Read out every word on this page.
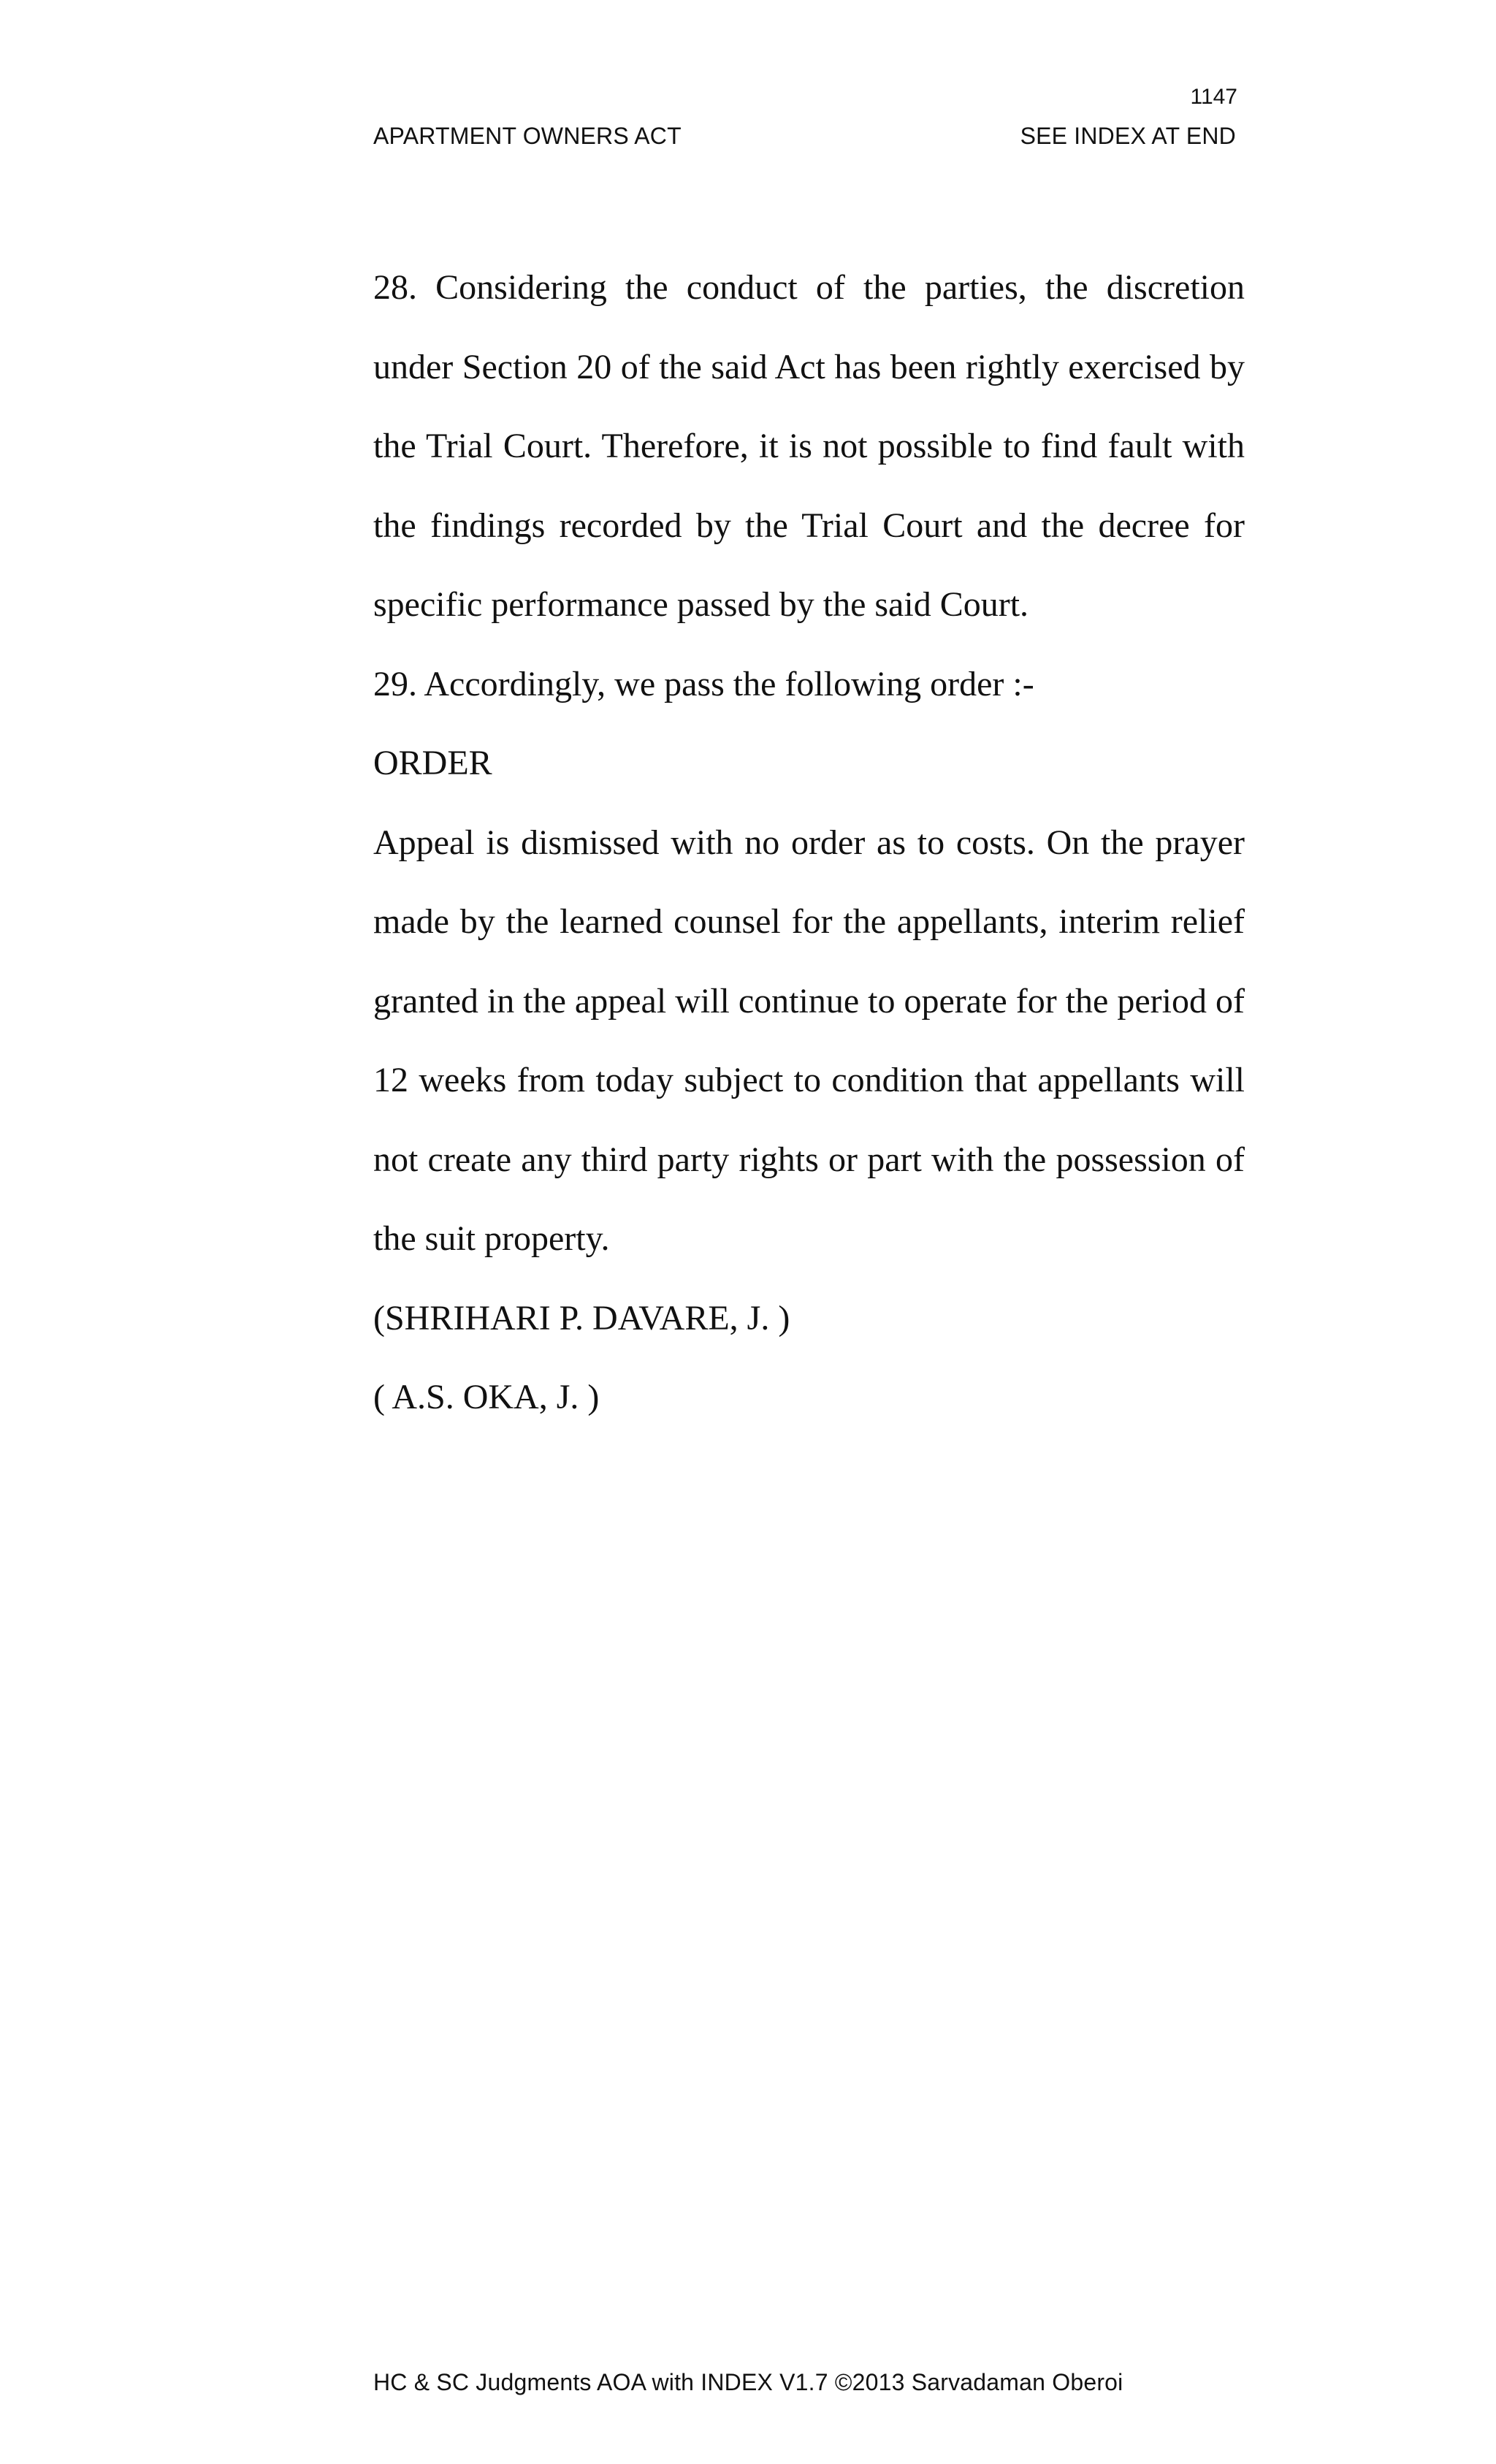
1147
APARTMENT OWNERS ACT	SEE INDEX AT END

28. Considering the conduct of the parties, the discretion under Section 20 of the said Act has been rightly exercised by the Trial Court. Therefore, it is not possible to find fault with the findings recorded by the Trial Court and the decree for specific performance passed by the said Court.

29. Accordingly, we pass the following order :-

ORDER

Appeal is dismissed with no order as to costs. On the prayer made by the learned counsel for the appellants, interim relief granted in the appeal will continue to operate for the period of 12 weeks from today subject to condition that appellants will not create any third party rights or part with the possession of the suit property.

(SHRIHARI P. DAVARE, J. )

( A.S. OKA, J. )

HC & SC Judgments AOA with INDEX V1.7 ©2013 Sarvadaman Oberoi
